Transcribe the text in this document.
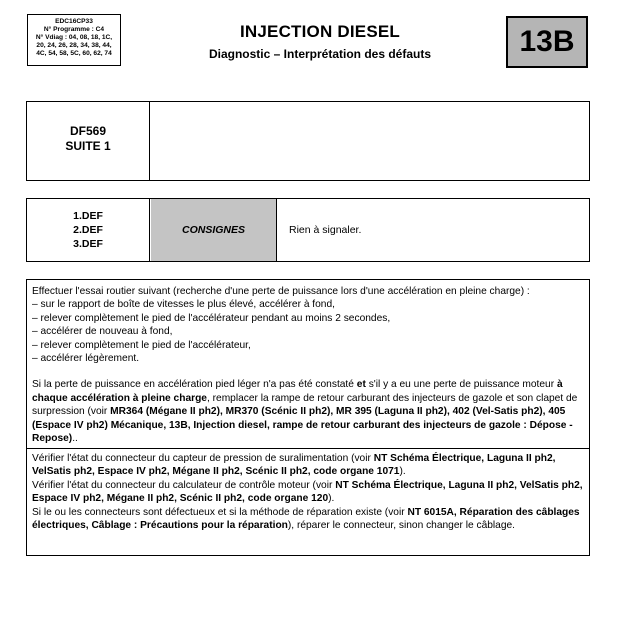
EDC16CP33
N° Programme : C4
N° Vdiag : 04, 08, 18, 1C,
20, 24, 26, 28, 34, 38, 44,
4C, 54, 58, 5C, 60, 62, 74
INJECTION DIESEL
Diagnostic – Interprétation des défauts	13B
DF569
SUITE 1
1.DEF
2.DEF
3.DEF
CONSIGNES	Rien à signaler.

Effectuer l'essai routier suivant (recherche d'une perte de puissance lors d'une accélération en pleine charge) :

– sur le rapport de boîte de vitesses le plus élevé, accélérer à fond,

– relever complètement le pied de l'accélérateur pendant au moins 2 secondes,

– accélérer de nouveau à fond,

– relever complètement le pied de l'accélérateur,

– accélérer légèrement.

Si la perte de puissance en accélération pied léger n'a pas été constaté et s'il y a eu une perte de puissance moteur à chaque accélération à pleine charge, remplacer la rampe de retour carburant des injecteurs de gazole et son clapet de surpression (voir MR364 (Mégane II ph2), MR370 (Scénic II ph2), MR 395 (Laguna II ph2), 402 (Vel-Satis ph2), 405 (Espace IV ph2) Mécanique, 13B, Injection diesel, rampe de retour carburant des injecteurs de gazole : Dépose - Repose)..

Vérifier l'état du connecteur du capteur de pression de suralimentation (voir NT Schéma Électrique, Laguna II ph2, VelSatis ph2, Espace IV ph2, Mégane II ph2, Scénic II ph2, code organe 1071).

Vérifier l'état du connecteur du calculateur de contrôle moteur (voir NT Schéma Électrique, Laguna II ph2, VelSatis ph2, Espace IV ph2, Mégane II ph2, Scénic II ph2, code organe 120).

Si le ou les connecteurs sont défectueux et si la méthode de réparation existe (voir NT 6015A, Réparation des câblages électriques, Câblage : Précautions pour la réparation), réparer le connecteur, sinon changer le câblage.
